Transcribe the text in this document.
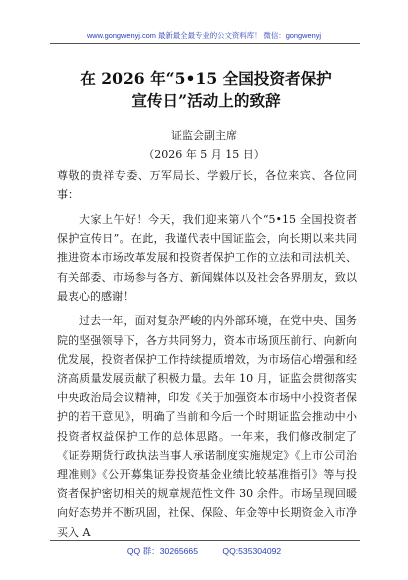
www.gongwenyj.com 最新最全最专业的公文资料库！ 微信：gongwenyj
在 2026 年“5•15 全国投资者保护宣传日”活动上的致辞
证监会副主席
（2026 年 5 月 15 日）

尊敬的贵祥专委、万军局长、学毅厅长，各位来宾、各位同事：

大家上午好！今天，我们迎来第八个“5•15 全国投资者保护宣传日”。在此，我谨代表中国证监会，向长期以来共同推进资本市场改革发展和投资者保护工作的立法和司法机关、有关部委、市场参与各方、新闻媒体以及社会各界朋友，致以最衷心的感谢！

过去一年，面对复杂严峻的内外部环境，在党中央、国务院的坚强领导下，各方共同努力，资本市场顶压前行、向新向优发展，投资者保护工作持续提质增效，为市场信心增强和经济高质量发展贡献了积极力量。去年 10 月，证监会贯彻落实中央政治局会议精神，印发《关于加强资本市场中小投资者保护的若干意见》，明确了当前和今后一个时期证监会推动中小投资者权益保护工作的总体思路。一年来，我们修改制定了《证券期货行政执法当事人承诺制度实施规定》《上市公司治理准则》《公开募集证券投资基金业绩比较基准指引》等与投资者保护密切相关的规章规范性文件 30 余件。市场呈现回暖向好态势并不断巩固，社保、保险、年金等中长期资金入市净买入 A

QQ 群：30265665	QQ:535304092
